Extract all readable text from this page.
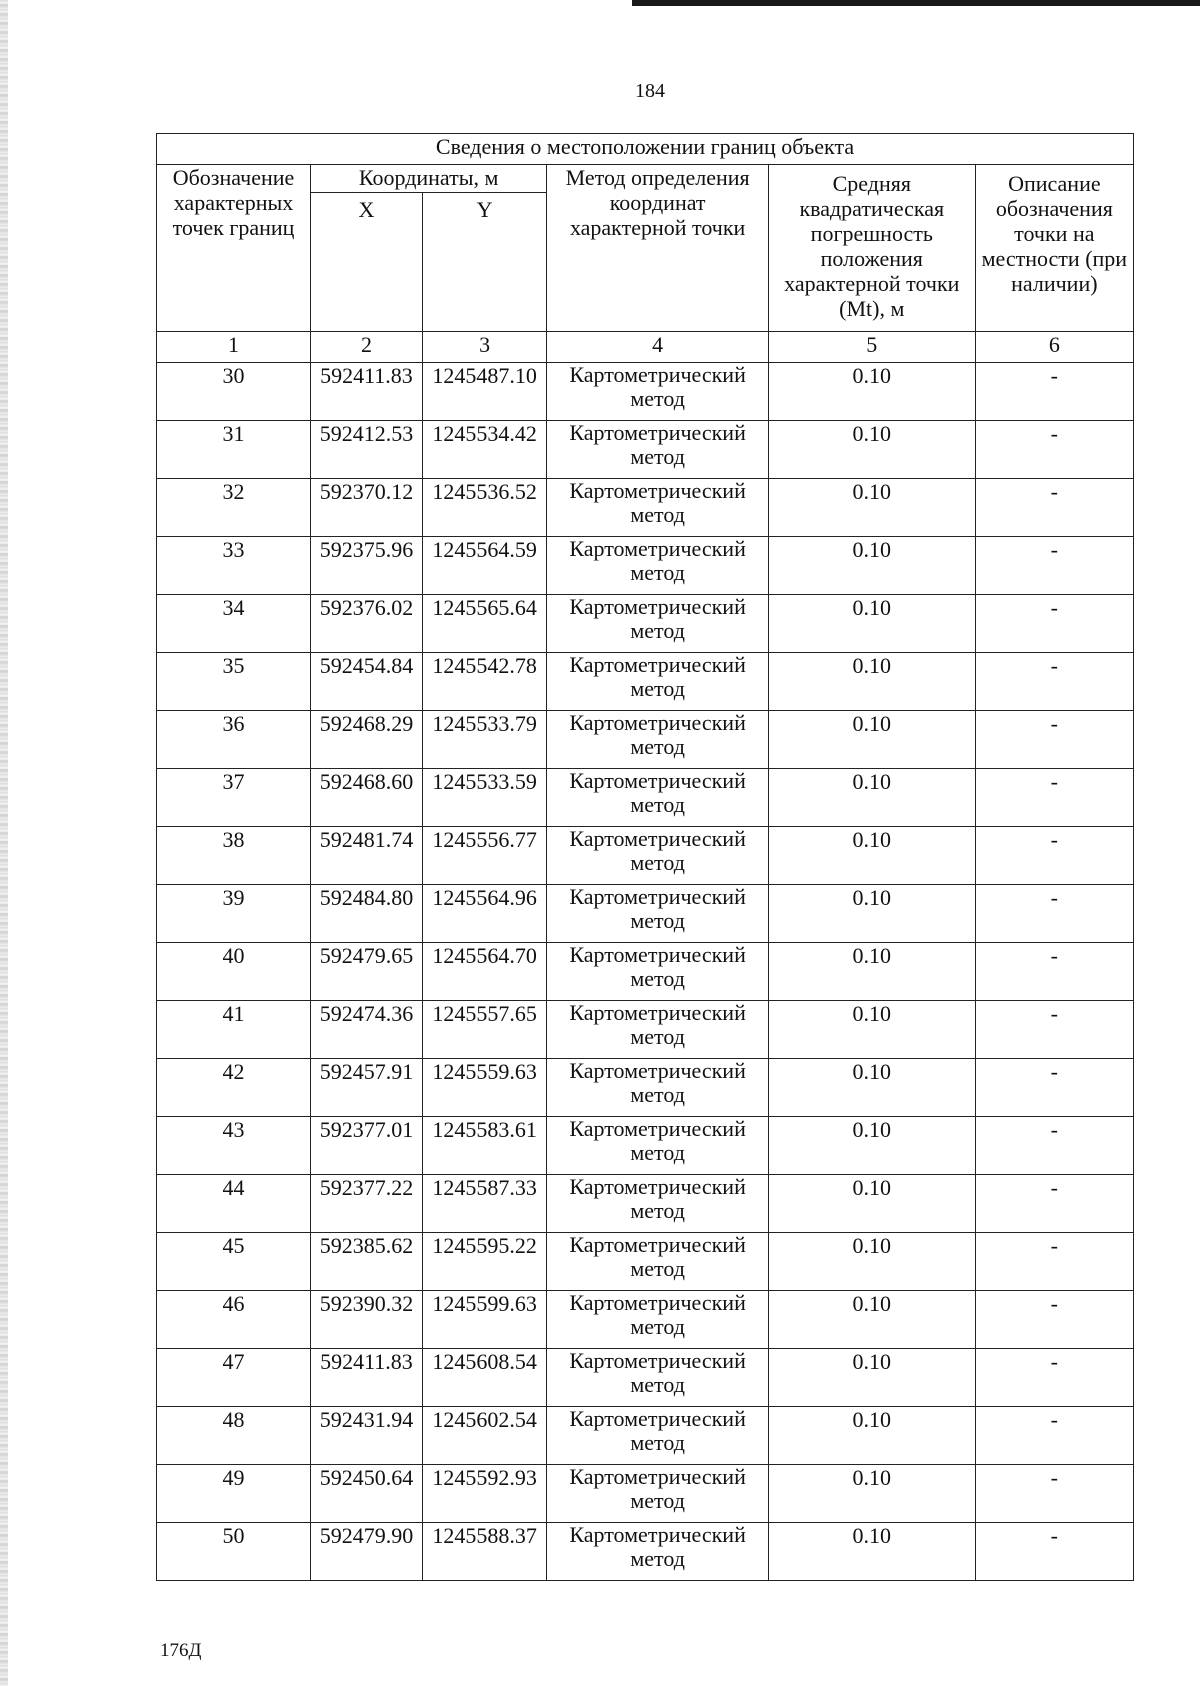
184
Сведения о местоположении границ объекта					
Обозначение характерных точек границ	Координаты, м		Метод определения координат характерной точки	Средняя квадратическая погрешность положения характерной точки (Mt), м	Описание обозначения точки на местности (при наличии)
	X	Y			
1	2	3	4	5	6
30	592411.83	1245487.10	Картометрический метод	0.10	-
31	592412.53	1245534.42	Картометрический метод	0.10	-
32	592370.12	1245536.52	Картометрический метод	0.10	-
33	592375.96	1245564.59	Картометрический метод	0.10	-
34	592376.02	1245565.64	Картометрический метод	0.10	-
35	592454.84	1245542.78	Картометрический метод	0.10	-
36	592468.29	1245533.79	Картометрический метод	0.10	-
37	592468.60	1245533.59	Картометрический метод	0.10	-
38	592481.74	1245556.77	Картометрический метод	0.10	-
39	592484.80	1245564.96	Картометрический метод	0.10	-
40	592479.65	1245564.70	Картометрический метод	0.10	-
41	592474.36	1245557.65	Картометрический метод	0.10	-
42	592457.91	1245559.63	Картометрический метод	0.10	-
43	592377.01	1245583.61	Картометрический метод	0.10	-
44	592377.22	1245587.33	Картометрический метод	0.10	-
45	592385.62	1245595.22	Картометрический метод	0.10	-
46	592390.32	1245599.63	Картометрический метод	0.10	-
47	592411.83	1245608.54	Картометрический метод	0.10	-
48	592431.94	1245602.54	Картометрический метод	0.10	-
49	592450.64	1245592.93	Картометрический метод	0.10	-
50	592479.90	1245588.37	Картометрический метод	0.10	-
176Д
